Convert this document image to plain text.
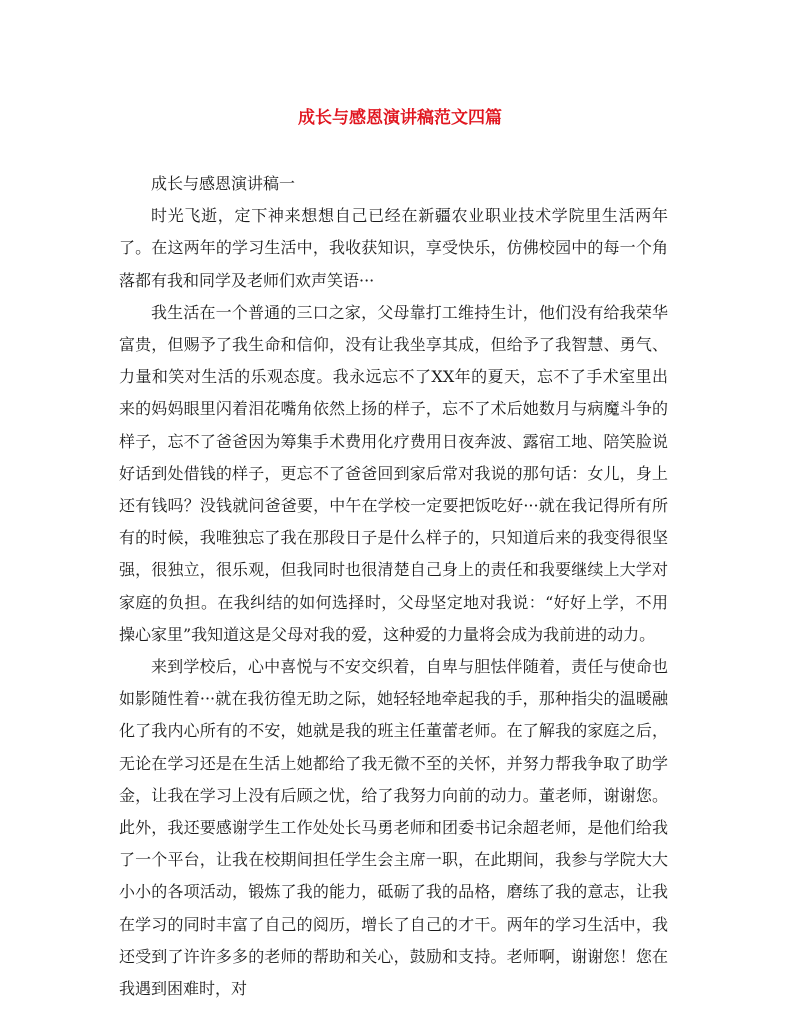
成长与感恩演讲稿范文四篇

成长与感恩演讲稿一

时光飞逝，定下神来想想自己已经在新疆农业职业技术学院里生活两年了。在这两年的学习生活中，我收获知识，享受快乐，仿佛校园中的每一个角落都有我和同学及老师们欢声笑语···

我生活在一个普通的三口之家，父母靠打工维持生计，他们没有给我荣华富贵，但赐予了我生命和信仰，没有让我坐享其成，但给予了我智慧、勇气、力量和笑对生活的乐观态度。我永远忘不了XX年的夏天，忘不了手术室里出来的妈妈眼里闪着泪花嘴角依然上扬的样子，忘不了术后她数月与病魔斗争的样子，忘不了爸爸因为筹集手术费用化疗费用日夜奔波、露宿工地、陪笑脸说好话到处借钱的样子，更忘不了爸爸回到家后常对我说的那句话：女儿，身上还有钱吗？没钱就问爸爸要，中午在学校一定要把饭吃好···就在我记得所有所有的时候，我唯独忘了我在那段日子是什么样子的，只知道后来的我变得很坚强，很独立，很乐观，但我同时也很清楚自己身上的责任和我要继续上大学对家庭的负担。在我纠结的如何选择时，父母坚定地对我说：“好好上学，不用操心家里”我知道这是父母对我的爱，这种爱的力量将会成为我前进的动力。

来到学校后，心中喜悦与不安交织着，自卑与胆怯伴随着，责任与使命也如影随性着···就在我彷徨无助之际，她轻轻地牵起我的手，那种指尖的温暖融化了我内心所有的不安，她就是我的班主任董蕾老师。在了解我的家庭之后，无论在学习还是在生活上她都给了我无微不至的关怀，并努力帮我争取了助学金，让我在学习上没有后顾之忧，给了我努力向前的动力。董老师，谢谢您。此外，我还要感谢学生工作处处长马勇老师和团委书记余超老师，是他们给我了一个平台，让我在校期间担任学生会主席一职，在此期间，我参与学院大大小小的各项活动，锻炼了我的能力，砥砺了我的品格，磨练了我的意志，让我在学习的同时丰富了自己的阅历，增长了自己的才干。两年的学习生活中，我还受到了许许多多的老师的帮助和关心，鼓励和支持。老师啊，谢谢您！您在我遇到困难时，对
